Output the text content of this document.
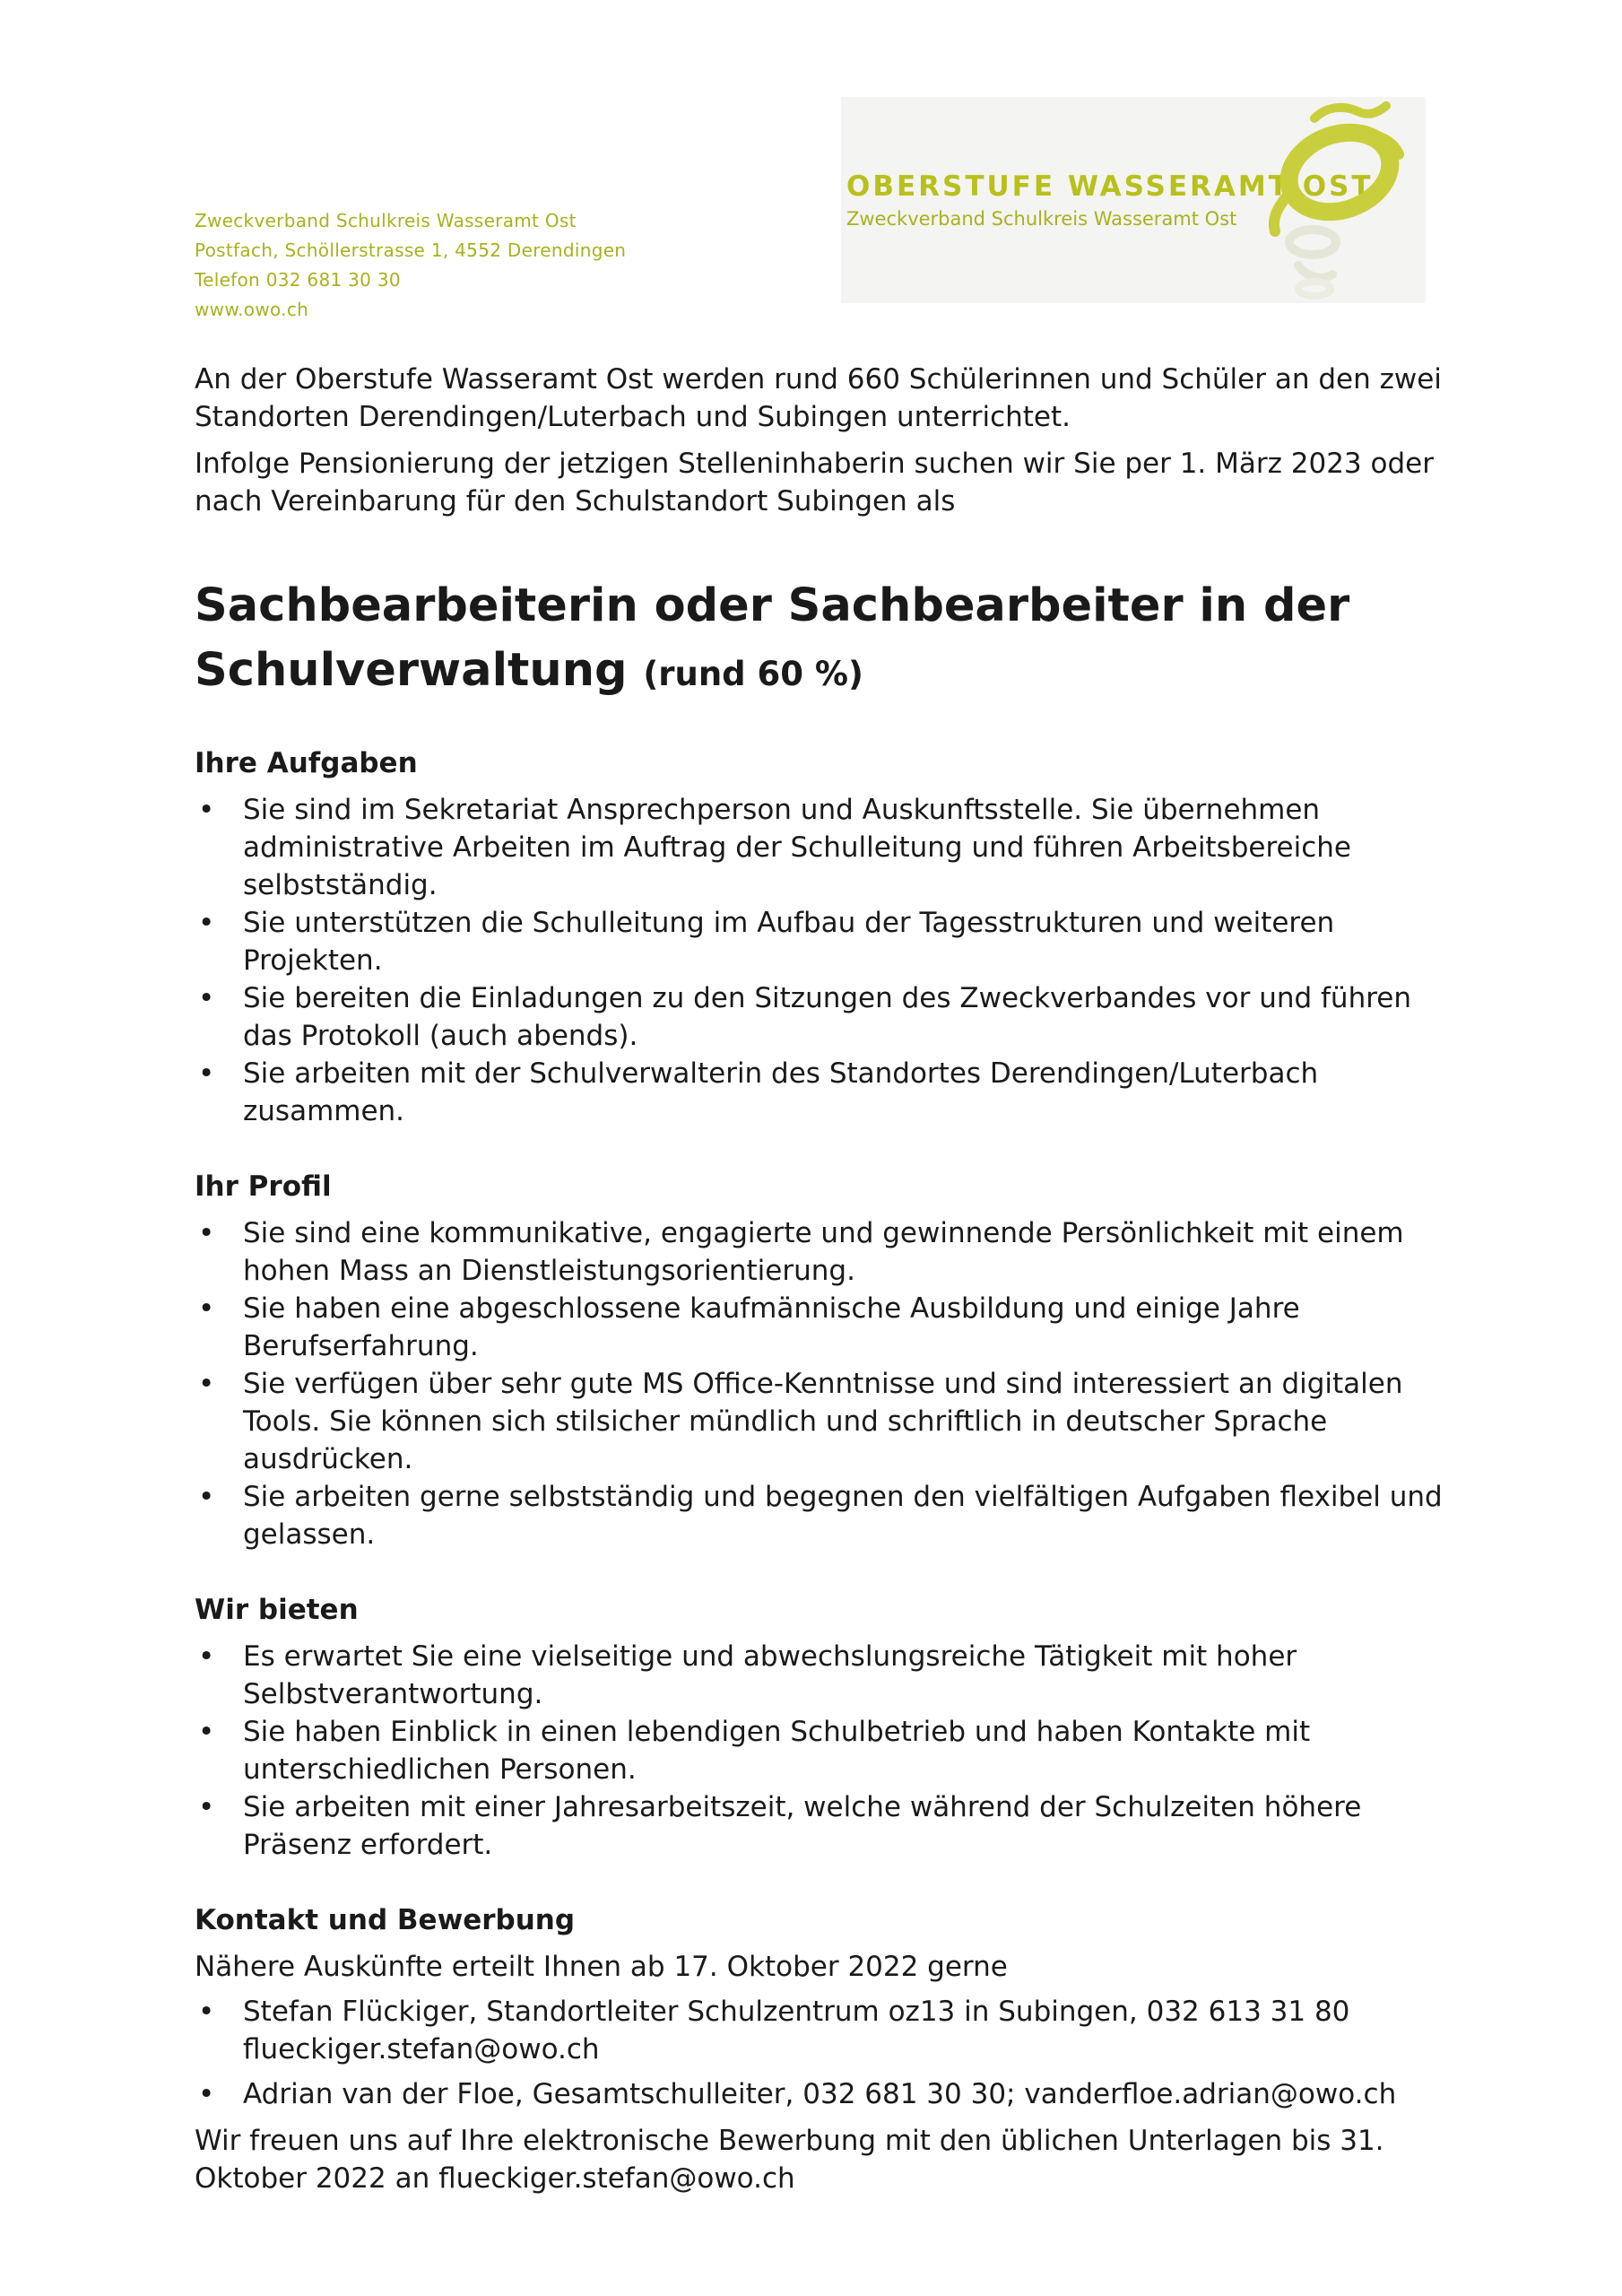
Zweckverband Schulkreis Wasseramt Ost
Postfach, Schöllerstrasse 1, 4552 Derendingen
Telefon 032 681 30 30
www.owo.ch
OBERSTUFE WASSERAMT OST
Zweckverband Schulkreis Wasseramt Ost

An der Oberstufe Wasseramt Ost werden rund 660 Schülerinnen und Schüler an den zwei Standorten Derendingen/Luterbach und Subingen unterrichtet.

Infolge Pensionierung der jetzigen Stelleninhaberin suchen wir Sie per 1. März 2023 oder nach Vereinbarung für den Schulstandort Subingen als

Sachbearbeiterin oder Sachbearbeiter in der Schulverwaltung (rund 60 %)
Ihre Aufgaben
• Sie sind im Sekretariat Ansprechperson und Auskunftsstelle. Sie übernehmen administrative Arbeiten im Auftrag der Schulleitung und führen Arbeitsbereiche selbstständig.
• Sie unterstützen die Schulleitung im Aufbau der Tagesstrukturen und weiteren Projekten.
• Sie bereiten die Einladungen zu den Sitzungen des Zweckverbandes vor und führen das Protokoll (auch abends).
• Sie arbeiten mit der Schulverwalterin des Standortes Derendingen/Luterbach zusammen.
Ihr Profil
• Sie sind eine kommunikative, engagierte und gewinnende Persönlichkeit mit einem hohen Mass an Dienstleistungsorientierung.
• Sie haben eine abgeschlossene kaufmännische Ausbildung und einige Jahre Berufserfahrung.
• Sie verfügen über sehr gute MS Office-Kenntnisse und sind interessiert an digitalen Tools. Sie können sich stilsicher mündlich und schriftlich in deutscher Sprache ausdrücken.
• Sie arbeiten gerne selbstständig und begegnen den vielfältigen Aufgaben flexibel und gelassen.
Wir bieten
• Es erwartet Sie eine vielseitige und abwechslungsreiche Tätigkeit mit hoher Selbstverantwortung.
• Sie haben Einblick in einen lebendigen Schulbetrieb und haben Kontakte mit unterschiedlichen Personen.
• Sie arbeiten mit einer Jahresarbeitszeit, welche während der Schulzeiten höhere Präsenz erfordert.
Kontakt und Bewerbung

Nähere Auskünfte erteilt Ihnen ab 17. Oktober 2022 gerne

• Stefan Flückiger, Standortleiter Schulzentrum oz13 in Subingen, 032 613 31 80
flueckiger.stefan@owo.ch
• Adrian van der Floe, Gesamtschulleiter, 032 681 30 30; vanderfloe.adrian@owo.ch

Wir freuen uns auf Ihre elektronische Bewerbung mit den üblichen Unterlagen bis 31. Oktober 2022 an flueckiger.stefan@owo.ch
